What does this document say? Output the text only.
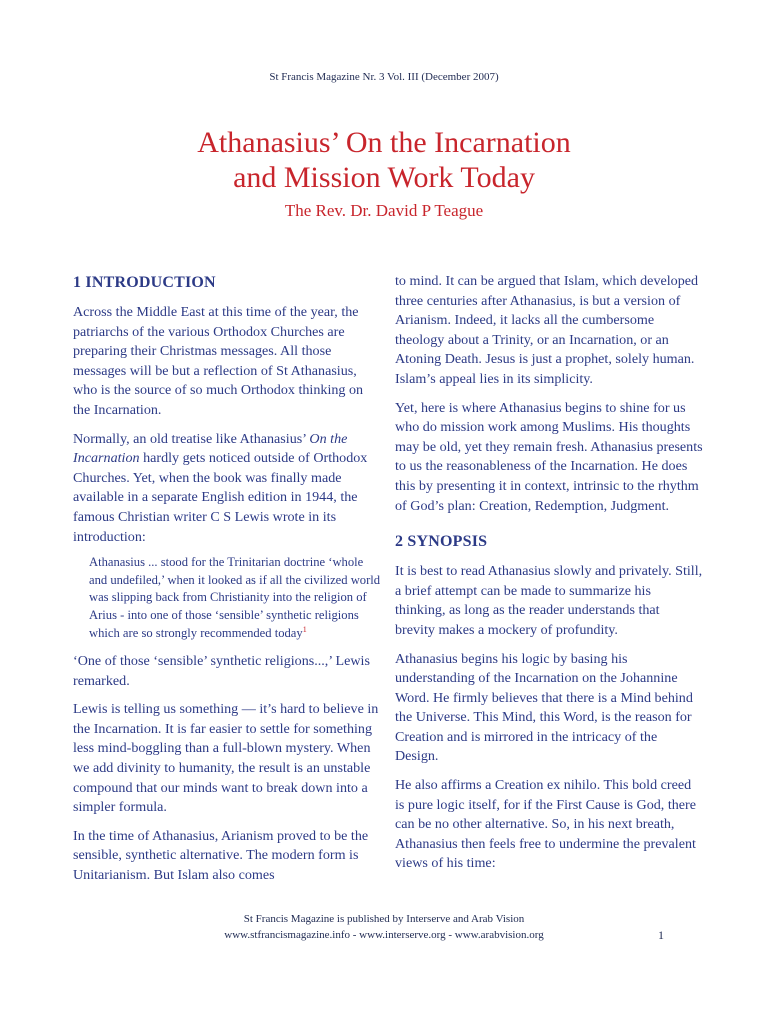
St Francis Magazine Nr. 3 Vol. III (December 2007)
Athanasius’ On the Incarnation
and Mission Work Today
The Rev. Dr. David P Teague
1 INTRODUCTION

Across the Middle East at this time of the year, the patriarchs of the various Orthodox Churches are preparing their Christmas messages. All those messages will be but a reflection of St Athanasius, who is the source of so much Orthodox thinking on the Incarnation.

Normally, an old treatise like Athanasius’ On the Incarnation hardly gets noticed outside of Orthodox Churches. Yet, when the book was finally made available in a separate English edition in 1944, the famous Christian writer C S Lewis wrote in its introduction:

Athanasius ... stood for the Trinitarian doctrine ‘whole and undefiled,’ when it looked as if all the civilized world was slipping back from Christianity into the religion of Arius - into one of those ‘sensible’ synthetic religions which are so strongly recommended today$^1$

‘One of those ‘sensible’ synthetic religions...,’ Lewis remarked.

Lewis is telling us something — it’s hard to believe in the Incarnation. It is far easier to settle for something less mind-boggling than a full-blown mystery. When we add divinity to humanity, the result is an unstable compound that our minds want to break down into a simpler formula.

In the time of Athanasius, Arianism proved to be the sensible, synthetic alternative. The modern form is Unitarianism. But Islam also comes

to mind. It can be argued that Islam, which developed three centuries after Athanasius, is but a version of Arianism. Indeed, it lacks all the cumbersome theology about a Trinity, or an Incarnation, or an Atoning Death. Jesus is just a prophet, solely human. Islam’s appeal lies in its simplicity.

Yet, here is where Athanasius begins to shine for us who do mission work among Muslims. His thoughts may be old, yet they remain fresh. Athanasius presents to us the reasonableness of the Incarnation. He does this by presenting it in context, intrinsic to the rhythm of God’s plan: Creation, Redemption, Judgment.

2 SYNOPSIS

It is best to read Athanasius slowly and privately. Still, a brief attempt can be made to summarize his thinking, as long as the reader understands that brevity makes a mockery of profundity.

Athanasius begins his logic by basing his understanding of the Incarnation on the Johannine Word. He firmly believes that there is a Mind behind the Universe. This Mind, this Word, is the reason for Creation and is mirrored in the intricacy of the Design.

He also affirms a Creation ex nihilo. This bold creed is pure logic itself, for if the First Cause is God, there can be no other alternative. So, in his next breath, Athanasius then feels free to undermine the prevalent views of his time:

St Francis Magazine is published by Interserve and Arab Vision
www.stfrancismagazine.info - www.interserve.org - www.arabvision.org	1
